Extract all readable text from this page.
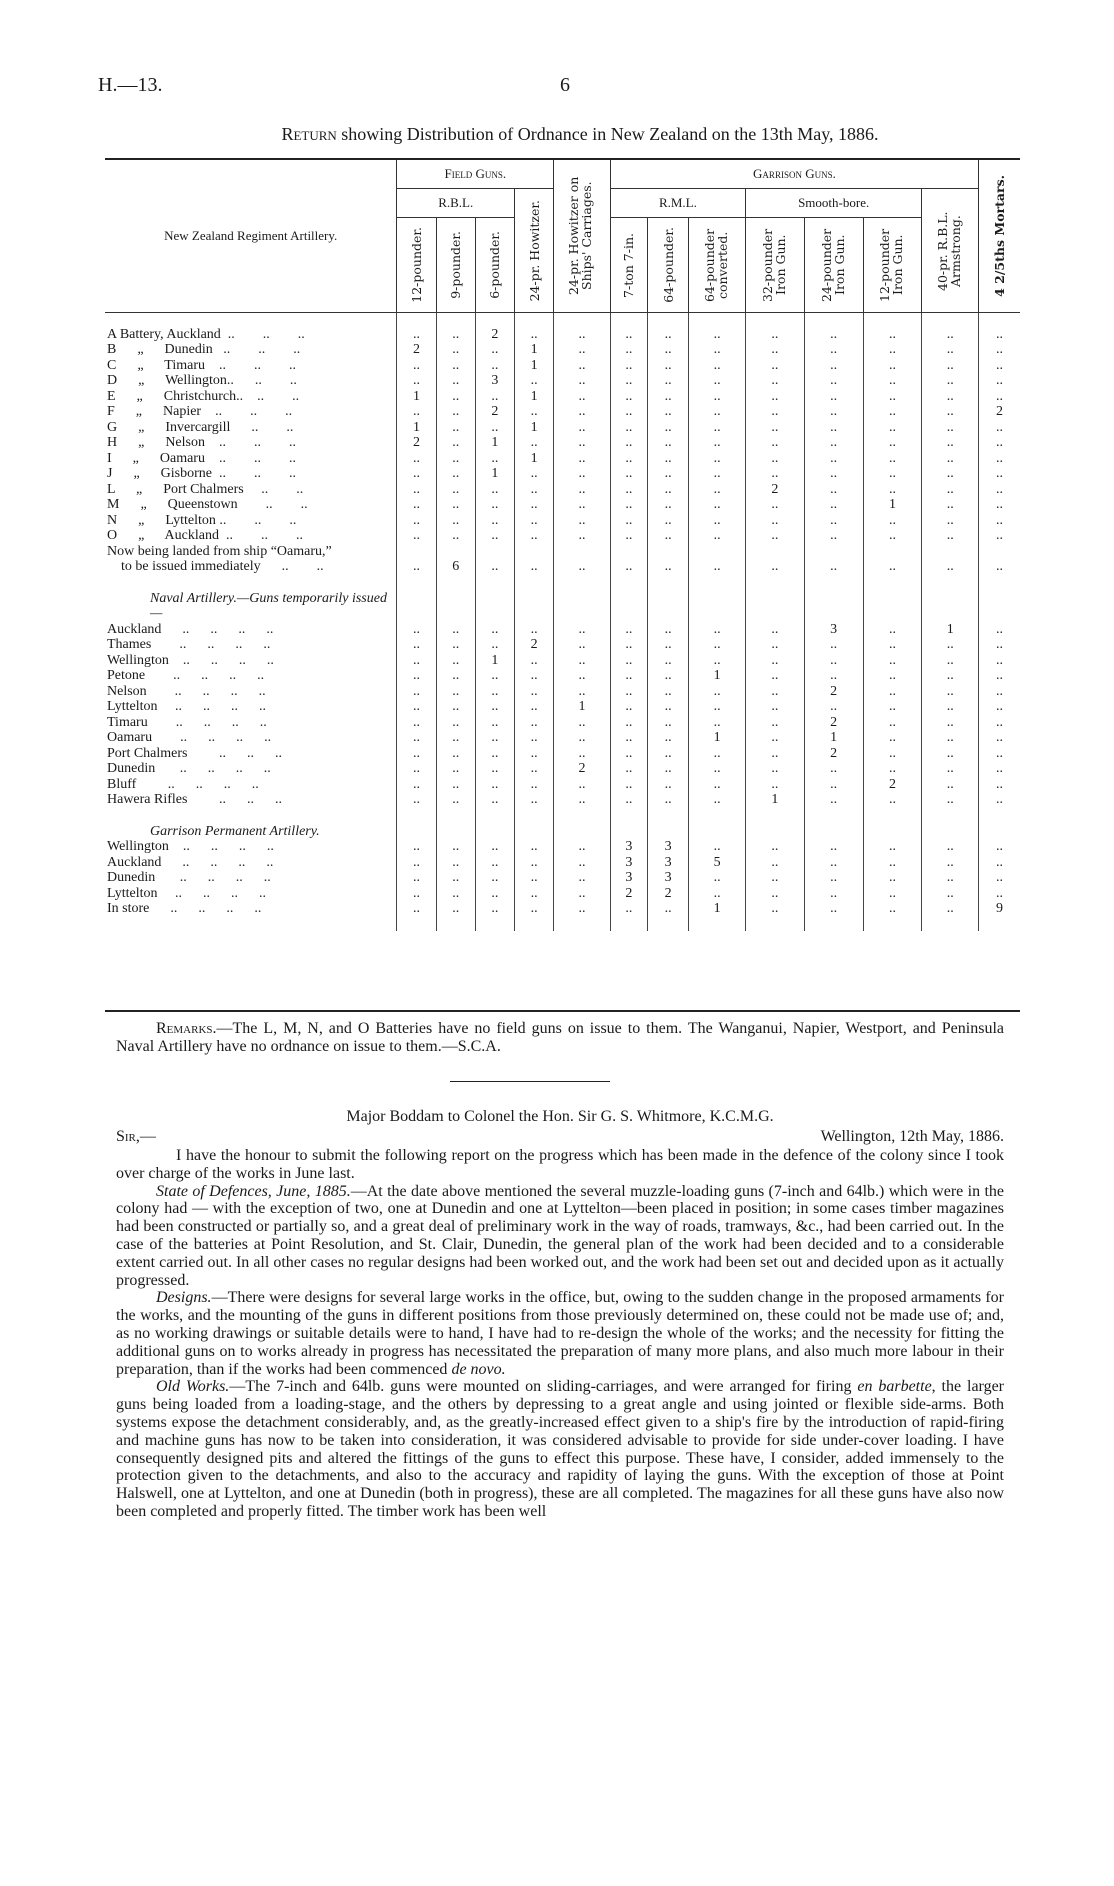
H.—13.	6
Return showing Distribution of Ordnance in New Zealand on the 13th May, 1886.
New Zealand Regiment Artillery.	Field Guns.				24-pr. Howitzer on Ships' Carriages.	Garrison Guns.							4 2/5ths Mortars.

	R.B.L.			24-pr. Howitzer.		R.M.L.			Smooth-bore.			40-pr. R.B.L. Armstrong.	

	12-pounder.	9-pounder.	6-pounder.			7-ton 7-in.	64-pounder.	64-pounder converted.	32-pounder Iron Gun.	24-pounder Iron Gun.	12-pounder Iron Gun.		

A Battery, Auckland  ..        ..        ..	..	..	2	..	..	..	..	..	..	..	..	..	..
B      „      Dunedin   ..        ..        ..	2	..	..	1	..	..	..	..	..	..	..	..	..
C      „      Timaru    ..        ..        ..	..	..	..	1	..	..	..	..	..	..	..	..	..
D      „      Wellington..      ..        ..	..	..	3	..	..	..	..	..	..	..	..	..	..
E      „      Christchurch..    ..        ..	1	..	..	1	..	..	..	..	..	..	..	..	..
F      „      Napier    ..        ..        ..	..	..	2	..	..	..	..	..	..	..	..	..	2
G      „      Invercargill      ..        ..	1	..	..	1	..	..	..	..	..	..	..	..	..
H      „      Nelson    ..        ..        ..	2	..	1	..	..	..	..	..	..	..	..	..	..
I      „      Oamaru    ..        ..        ..	..	..	..	1	..	..	..	..	..	..	..	..	..
J      „      Gisborne  ..        ..        ..	..	..	1	..	..	..	..	..	..	..	..	..	..
L      „      Port Chalmers     ..        ..	..	..	..	..	..	..	..	..	2	..	..	..	..
M      „      Queenstown        ..        ..	..	..	..	..	..	..	..	..	..	..	1	..	..
N      „      Lyttelton ..        ..        ..	..	..	..	..	..	..	..	..	..	..	..	..	..
O      „      Auckland  ..        ..        ..	..	..	..	..	..	..	..	..	..	..	..	..	..
Now being landed from ship “Oamaru,”													
to be issued immediately      ..        ..	..	6	..	..	..	..	..	..	..	..	..	..	..

Naval Artillery.—Guns temporarily issued—													
Auckland      ..      ..      ..      ..	..	..	..	..	..	..	..	..	..	3	..	1	..
Thames        ..      ..      ..      ..	..	..	..	2	..	..	..	..	..	..	..	..	..
Wellington    ..      ..      ..      ..	..	..	1	..	..	..	..	..	..	..	..	..	..
Petone        ..      ..      ..      ..	..	..	..	..	..	..	..	1	..	..	..	..	..
Nelson        ..      ..      ..      ..	..	..	..	..	..	..	..	..	..	2	..	..	..
Lyttelton     ..      ..      ..      ..	..	..	..	..	1	..	..	..	..	..	..	..	..
Timaru        ..      ..      ..      ..	..	..	..	..	..	..	..	..	..	2	..	..	..
Oamaru        ..      ..      ..      ..	..	..	..	..	..	..	..	1	..	1	..	..	..
Port Chalmers         ..      ..      ..	..	..	..	..	..	..	..	..	..	2	..	..	..
Dunedin       ..      ..      ..      ..	..	..	..	..	2	..	..	..	..	..	..	..	..
Bluff         ..      ..      ..      ..	..	..	..	..	..	..	..	..	..	..	2	..	..
Hawera Rifles         ..      ..      ..	..	..	..	..	..	..	..	..	1	..	..	..	..

Garrison Permanent Artillery.													
Wellington    ..      ..      ..      ..	..	..	..	..	..	3	3	..	..	..	..	..	..
Auckland      ..      ..      ..      ..	..	..	..	..	..	3	3	5	..	..	..	..	..
Dunedin       ..      ..      ..      ..	..	..	..	..	..	3	3	..	..	..	..	..	..
Lyttelton     ..      ..      ..      ..	..	..	..	..	..	2	2	..	..	..	..	..	..
In store      ..      ..      ..      ..	..	..	..	..	..	..	..	1	..	..	..	..	9

Remarks.—The L, M, N, and O Batteries have no field guns on issue to them. The Wanganui, Napier, Westport, and Peninsula Naval Artillery have no ordnance on issue to them.—S.C.A.
Major Boddam to Colonel the Hon. Sir G. S. Whitmore, K.C.M.G.
Sir,—	Wellington, 12th May, 1886.

I have the honour to submit the following report on the progress which has been made in the defence of the colony since I took over charge of the works in June last.

State of Defences, June, 1885.—At the date above mentioned the several muzzle-loading guns (7-inch and 64lb.) which were in the colony had — with the exception of two, one at Dunedin and one at Lyttelton—been placed in position; in some cases timber magazines had been constructed or partially so, and a great deal of preliminary work in the way of roads, tramways, &c., had been carried out. In the case of the batteries at Point Resolution, and St. Clair, Dunedin, the general plan of the work had been decided and to a considerable extent carried out. In all other cases no regular designs had been worked out, and the work had been set out and decided upon as it actually progressed.

Designs.—There were designs for several large works in the office, but, owing to the sudden change in the proposed armaments for the works, and the mounting of the guns in different positions from those previously determined on, these could not be made use of; and, as no working drawings or suitable details were to hand, I have had to re-design the whole of the works; and the necessity for fitting the additional guns on to works already in progress has necessitated the preparation of many more plans, and also much more labour in their preparation, than if the works had been commenced de novo.

Old Works.—The 7-inch and 64lb. guns were mounted on sliding-carriages, and were arranged for firing en barbette, the larger guns being loaded from a loading-stage, and the others by depressing to a great angle and using jointed or flexible side-arms. Both systems expose the detachment considerably, and, as the greatly-increased effect given to a ship's fire by the introduction of rapid-firing and machine guns has now to be taken into consideration, it was considered advisable to provide for side under-cover loading. I have consequently designed pits and altered the fittings of the guns to effect this purpose. These have, I consider, added immensely to the protection given to the detachments, and also to the accuracy and rapidity of laying the guns. With the exception of those at Point Halswell, one at Lyttelton, and one at Dunedin (both in progress), these are all completed. The magazines for all these guns have also now been completed and properly fitted. The timber work has been well
